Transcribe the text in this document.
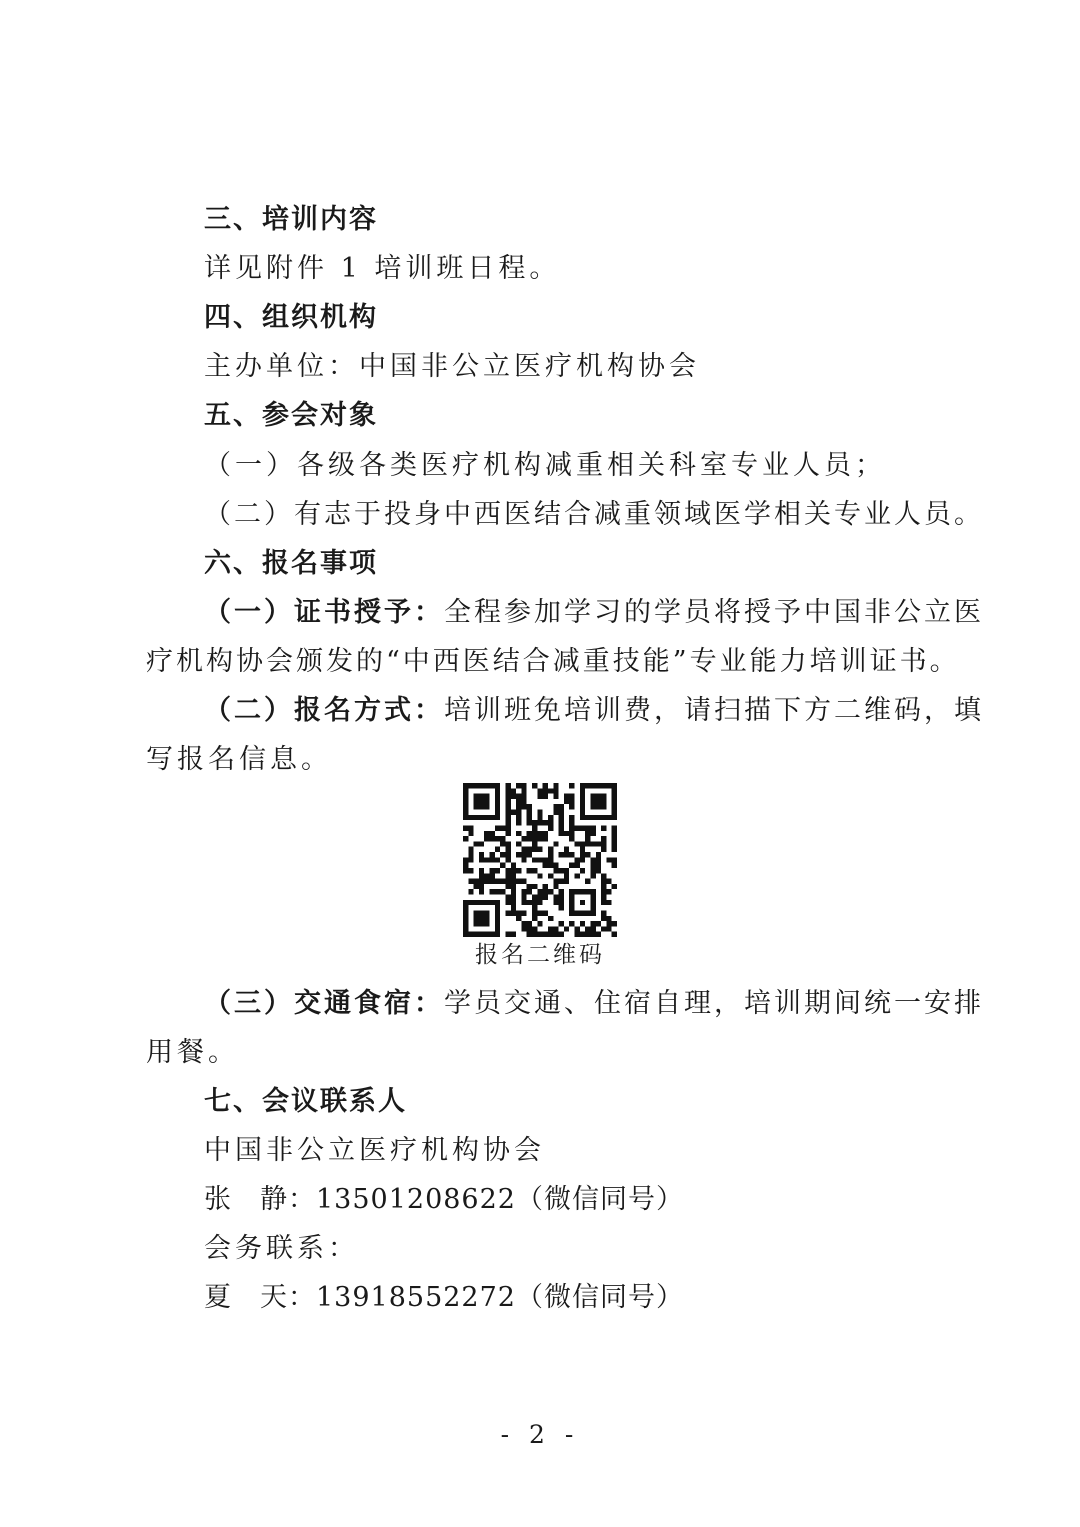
三、培训内容
详见附件 1 培训班日程。
四、组织机构
主办单位：中国非公立医疗机构协会
五、参会对象
（一）各级各类医疗机构减重相关科室专业人员；
（二）有志于投身中西医结合减重领域医学相关专业人员。
六、报名事项
（一）证书授予：全程参加学习的学员将授予中国非公立医
疗机构协会颁发的“中西医结合减重技能”专业能力培训证书。
（二）报名方式：培训班免培训费，请扫描下方二维码，填
写报名信息。
报名二维码
（三）交通食宿：学员交通、住宿自理，培训期间统一安排
用餐。
七、会议联系人
中国非公立医疗机构协会
张　静：13501208622（微信同号）
会务联系：
夏　天：13918552272（微信同号）
- 2 -
